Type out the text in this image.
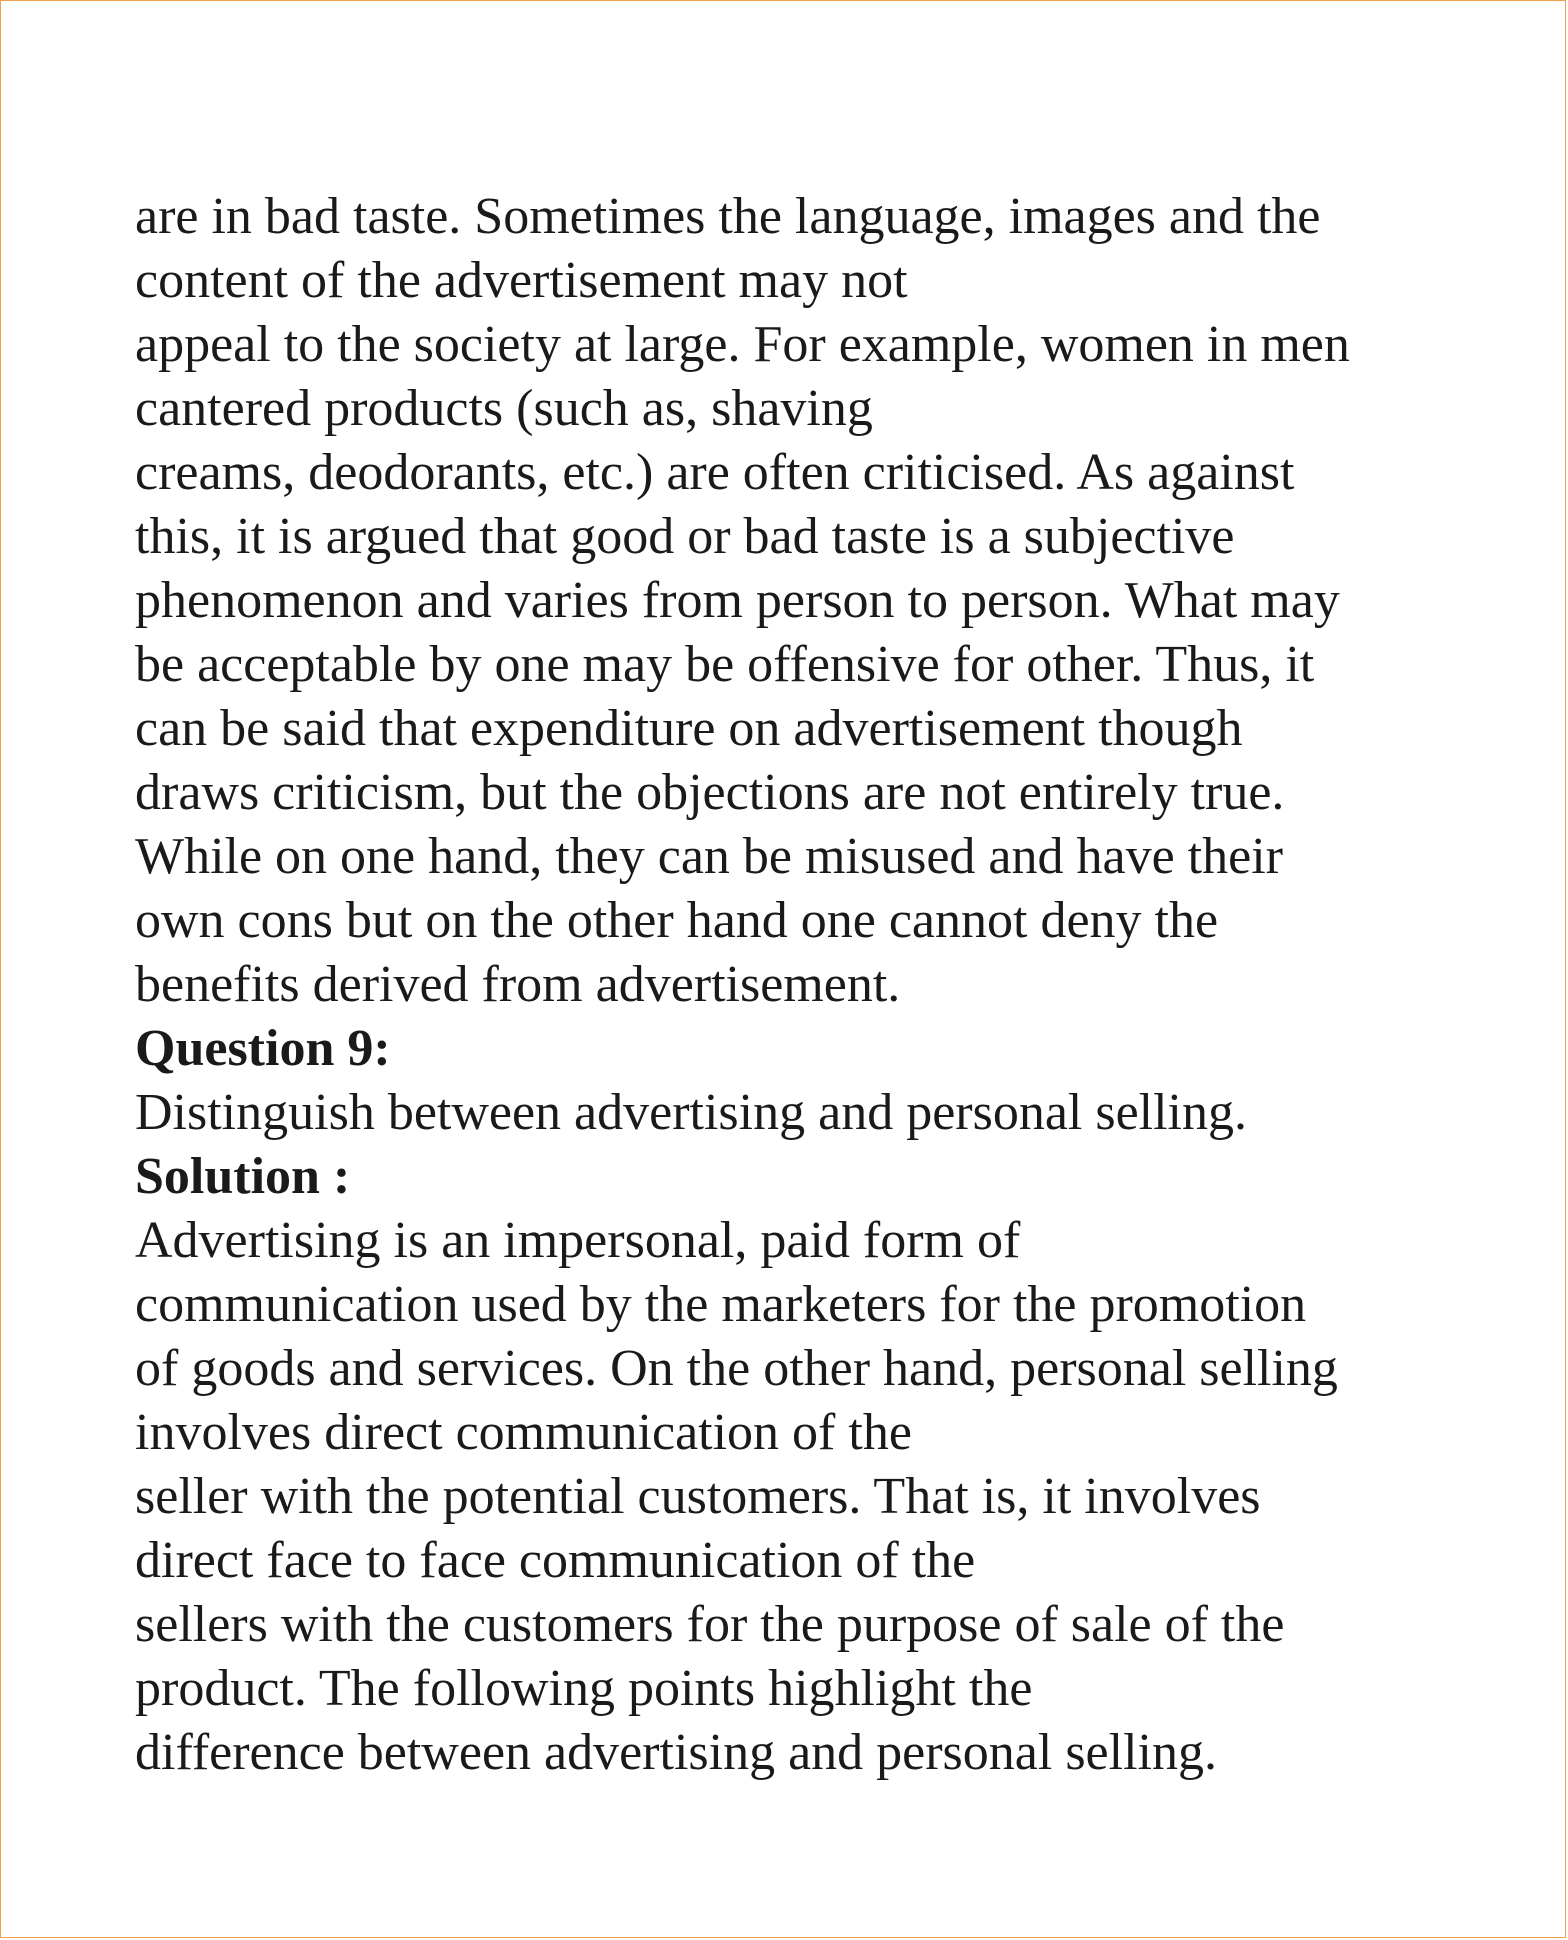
are in bad taste. Sometimes the language, images and the
content of the advertisement may not
appeal to the society at large. For example, women in men
cantered products (such as, shaving
creams, deodorants, etc.) are often criticised. As against
this, it is argued that good or bad taste is a subjective
phenomenon and varies from person to person. What may
be acceptable by one may be offensive for other. Thus, it
can be said that expenditure on advertisement though
draws criticism, but the objections are not entirely true.
While on one hand, they can be misused and have their
own cons but on the other hand one cannot deny the
benefits derived from advertisement.
Question 9:
Distinguish between advertising and personal selling.
Solution :
Advertising is an impersonal, paid form of
communication used by the marketers for the promotion
of goods and services. On the other hand, personal selling
involves direct communication of the
seller with the potential customers. That is, it involves
direct face to face communication of the
sellers with the customers for the purpose of sale of the
product. The following points highlight the
difference between advertising and personal selling.
